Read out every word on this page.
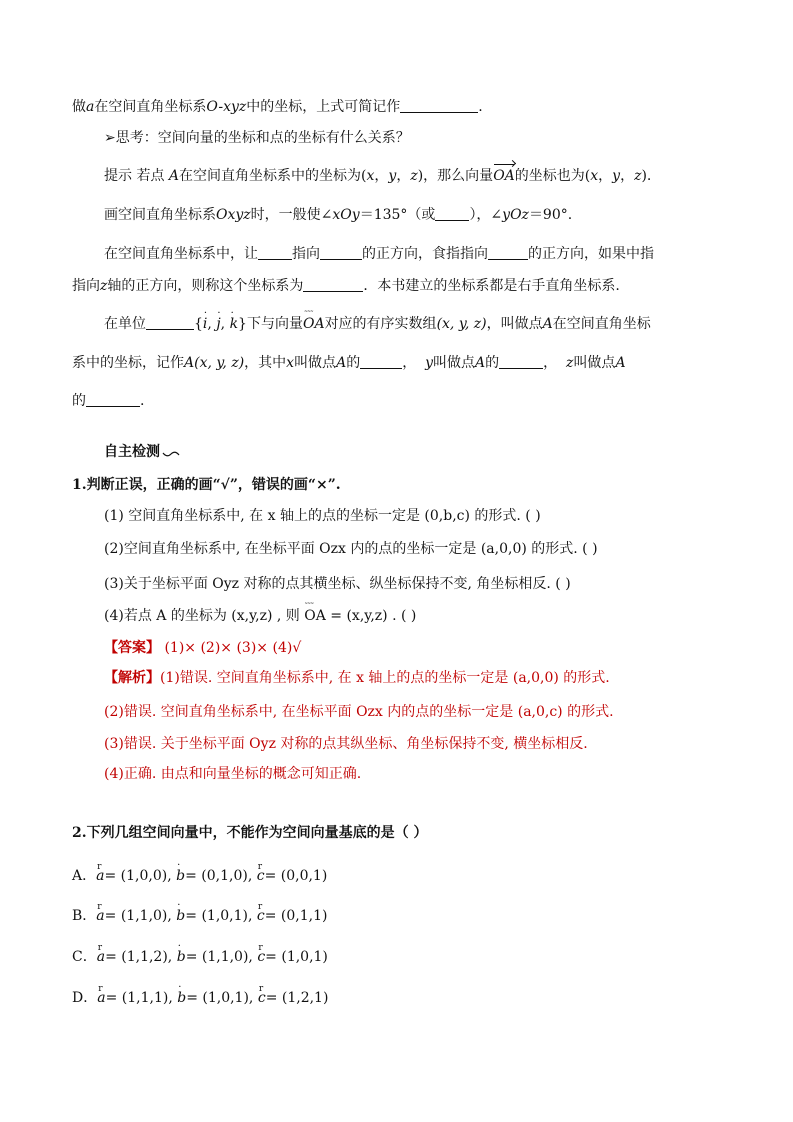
做a在空间直角坐标系O-xyz中的坐标，上式可简记作	.
➢思考：空间向量的坐标和点的坐标有什么关系？
提示 若点 A在空间直角坐标系中的坐标为(x，y，z)，那么向量OA的坐标也为(x，y，z).
画空间直角坐标系Oxyz时，一般使∠xOy＝135°（或 ），∠yOz＝90°.
在空间直角坐标系中，让 指向	的正方向，食指指向	的正方向，如果中指
指向z轴的正方向，则称这个坐标系为	．本书建立的坐标系都是右手直角坐标系.
在单位	{· i, · j, · k}下与向量˜˜˜ OA对应的有序实数组(x, y, z)，叫做点A在空间直角坐标
系中的坐标，记作A(x, y, z)，其中x叫做点A的	， y叫做点A的	， z叫做点A
的	.
自主检测
1.判断正误，正确的画“√”，错误的画“×”.
(1) 空间直角坐标系中, 在 x 轴上的点的坐标一定是 (0,b,c) 的形式. ( )
(2)空间直角坐标系中, 在坐标平面 Ozx 内的点的坐标一定是 (a,0,0) 的形式. ( )
(3)关于坐标平面 Oyz 对称的点其横坐标、纵坐标保持不变, 角坐标相反. ( )
(4)若点 A 的坐标为 (x,y,z) , 则 ˜˜˜ OA = (x,y,z) . ( )
【答案】 (1)× (2)× (3)× (4)√
【解析】(1)错误. 空间直角坐标系中, 在 x 轴上的点的坐标一定是 (a,0,0) 的形式.
(2)错误. 空间直角坐标系中, 在坐标平面 Ozx 内的点的坐标一定是 (a,0,c) 的形式.
(3)错误. 关于坐标平面 Oyz 对称的点其纵坐标、角坐标保持不变, 横坐标相反.
(4)正确. 由点和向量坐标的概念可知正确.
2.下列几组空间向量中，不能作为空间向量基底的是（ ）
A．r a= (1,0,0), · b= (0,1,0), r c= (0,0,1)
B．r a= (1,1,0), · b= (1,0,1), r c= (0,1,1)
C．r a= (1,1,2), · b= (1,1,0), r c= (1,0,1)
D．r a= (1,1,1), · b= (1,0,1), r c= (1,2,1)
